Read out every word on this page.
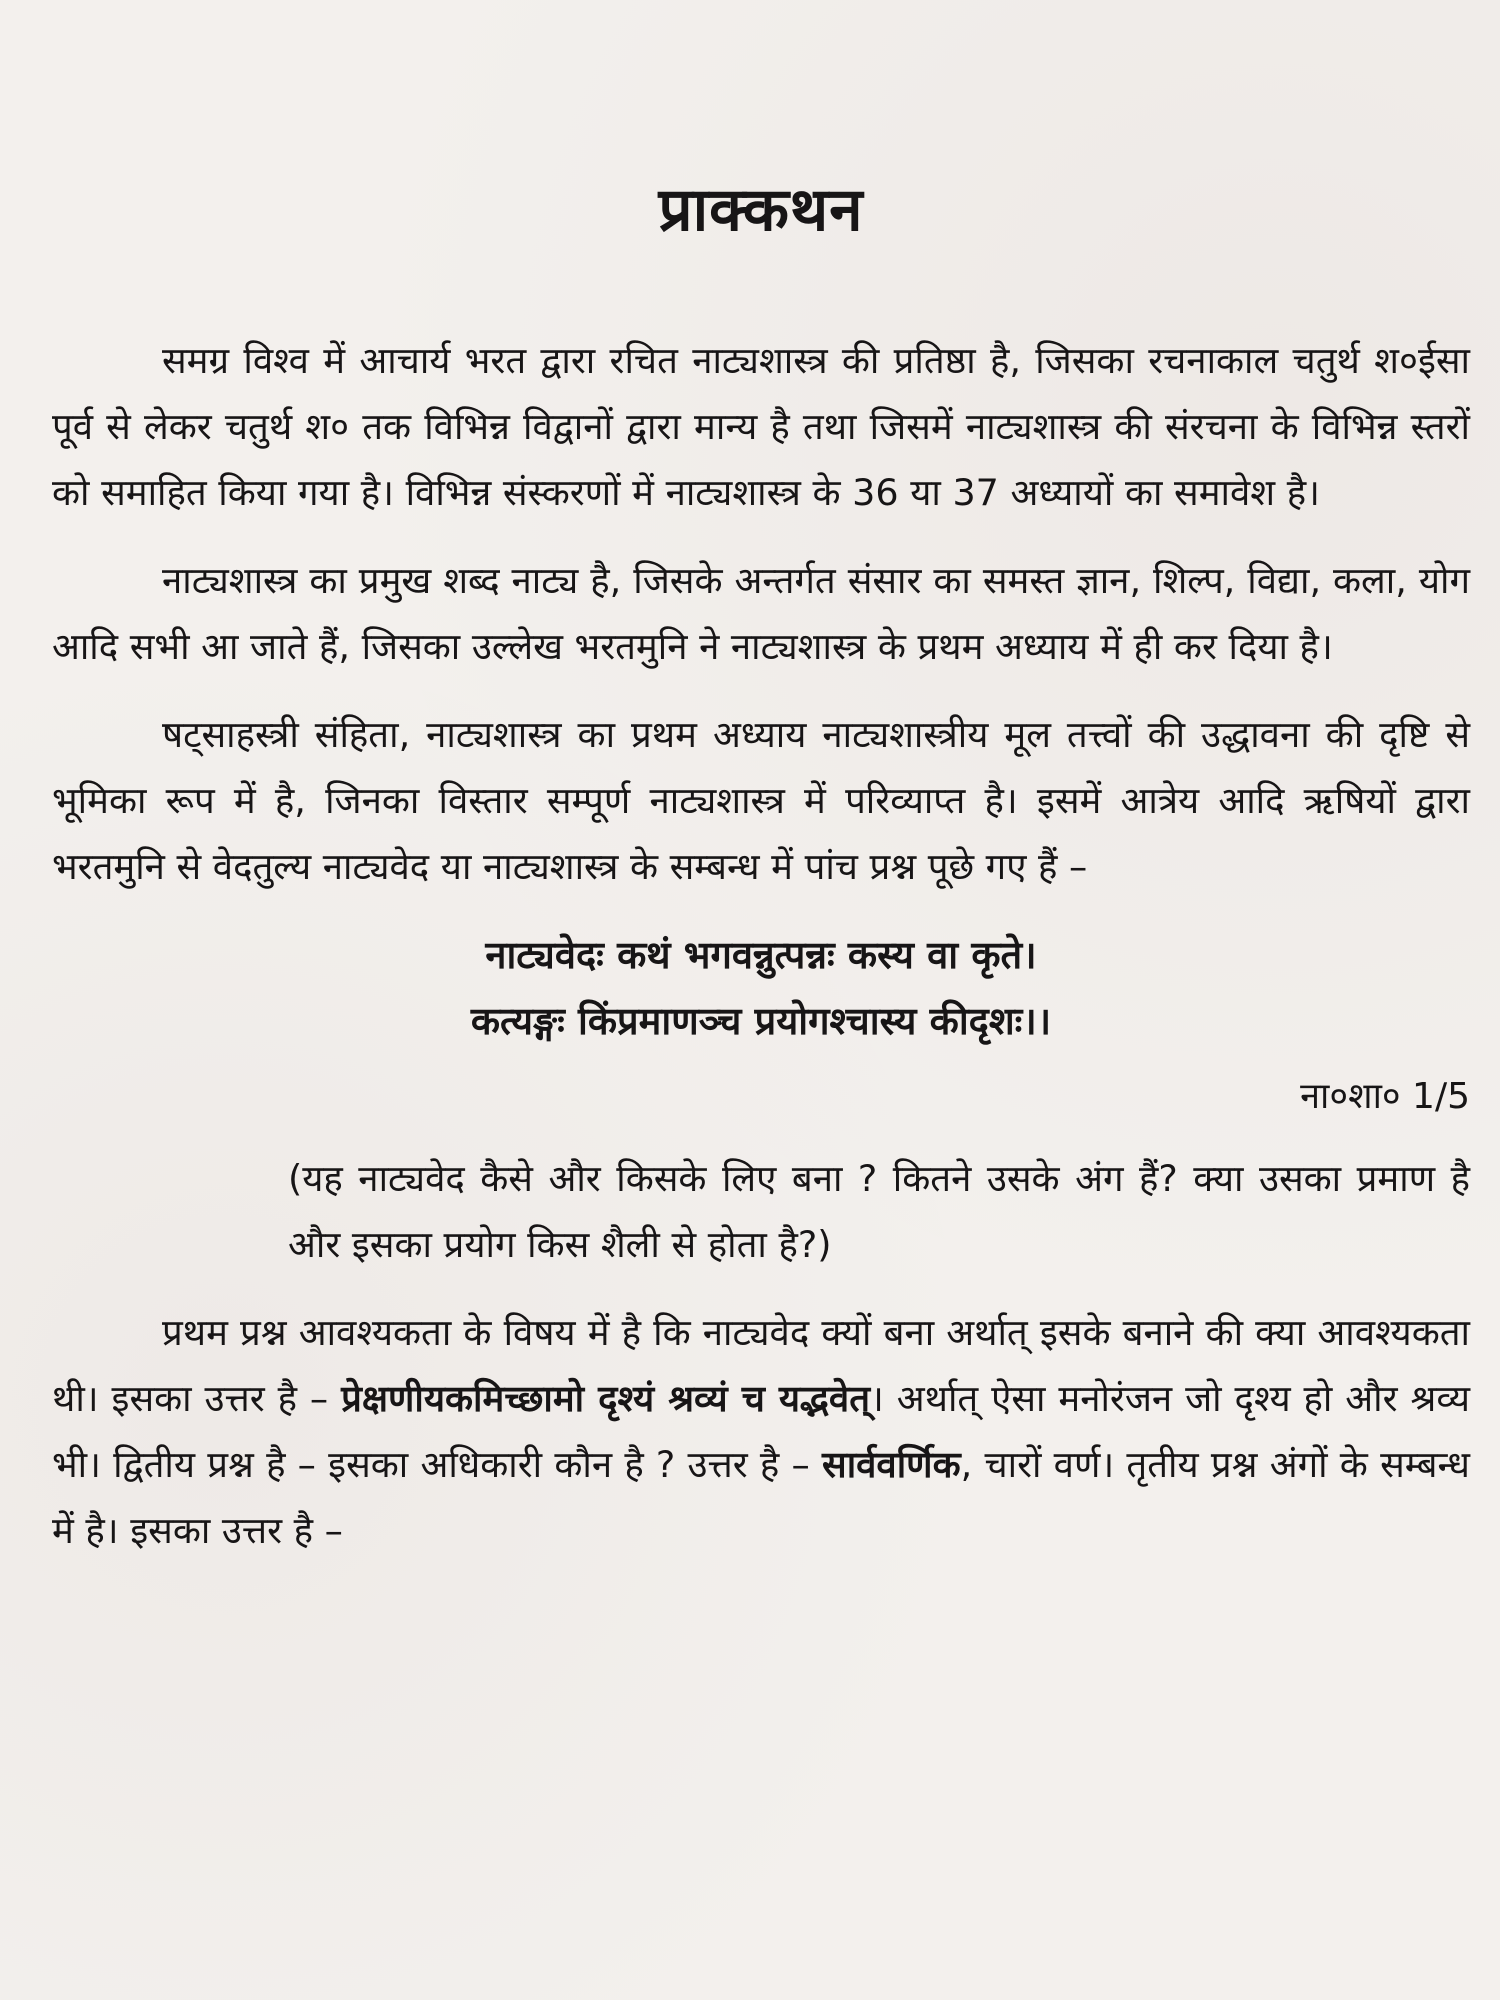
प्राक्कथन

समग्र विश्व में आचार्य भरत द्वारा रचित नाट्यशास्त्र की प्रतिष्ठा है, जिसका रचनाकाल चतुर्थ श०ईसा पूर्व से लेकर चतुर्थ श० तक विभिन्न विद्वानों द्वारा मान्य है तथा जिसमें नाट्यशास्त्र की संरचना के विभिन्न स्तरों को समाहित किया गया है। विभिन्न संस्करणों में नाट्यशास्त्र के 36 या 37 अध्यायों का समावेश है।

नाट्यशास्त्र का प्रमुख शब्द नाट्य है, जिसके अन्तर्गत संसार का समस्त ज्ञान, शिल्प, विद्या, कला, योग आदि सभी आ जाते हैं, जिसका उल्लेख भरतमुनि ने नाट्यशास्त्र के प्रथम अध्याय में ही कर दिया है।

षट्साहस्त्री संहिता, नाट्यशास्त्र का प्रथम अध्याय नाट्यशास्त्रीय मूल तत्त्वों की उद्धावना की दृष्टि से भूमिका रूप में है, जिनका विस्तार सम्पूर्ण नाट्यशास्त्र में परिव्याप्त है। इसमें आत्रेय आदि ऋषियों द्वारा भरतमुनि से वेदतुल्य नाट्यवेद या नाट्यशास्त्र के सम्बन्ध में पांच प्रश्न पूछे गए हैं –

नाट्यवेदः कथं भगवन्नुत्पन्नः कस्य वा कृते।
कत्यङ्गः किंप्रमाणञ्च प्रयोगश्चास्य कीदृशः।।
ना०शा० 1/5

(यह नाट्यवेद कैसे और किसके लिए बना ? कितने उसके अंग हैं? क्या उसका प्रमाण है और इसका प्रयोग किस शैली से होता है?)

प्रथम प्रश्न आवश्यकता के विषय में है कि नाट्यवेद क्यों बना अर्थात् इसके बनाने की क्या आवश्यकता थी। इसका उत्तर है – प्रेक्षणीयकमिच्छामो दृश्यं श्रव्यं च यद्भवेत्। अर्थात् ऐसा मनोरंजन जो दृश्य हो और श्रव्य भी। द्वितीय प्रश्न है – इसका अधिकारी कौन है ? उत्तर है – सार्ववर्णिक, चारों वर्ण। तृतीय प्रश्न अंगों के सम्बन्ध में है। इसका उत्तर है –
